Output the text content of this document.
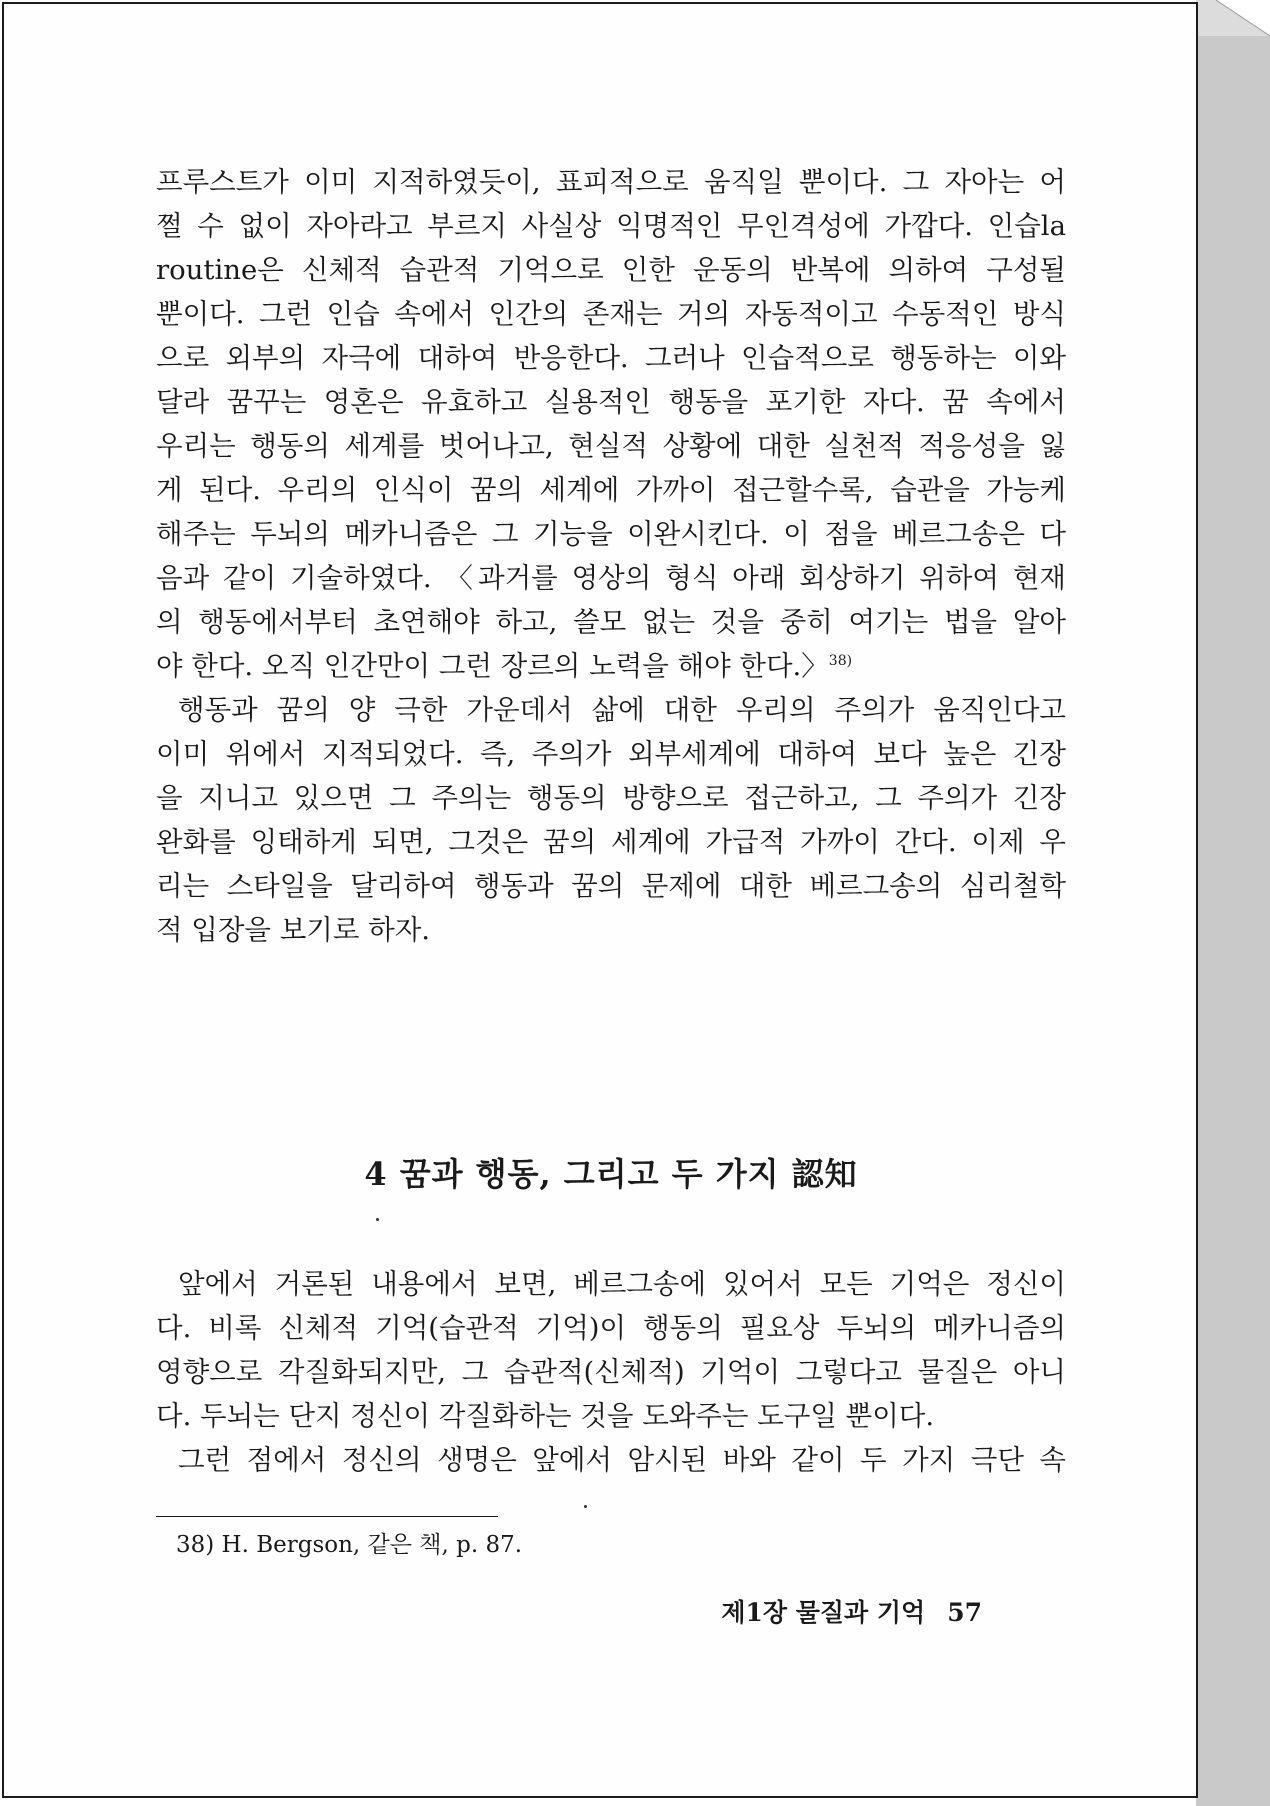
프루스트가 이미 지적하였듯이, 표피적으로 움직일 뿐이다. 그 자아는 어
쩔 수 없이 자아라고 부르지 사실상 익명적인 무인격성에 가깝다. 인습la
routine은 신체적 습관적 기억으로 인한 운동의 반복에 의하여 구성될
뿐이다. 그런 인습 속에서 인간의 존재는 거의 자동적이고 수동적인 방식
으로 외부의 자극에 대하여 반응한다. 그러나 인습적으로 행동하는 이와
달라 꿈꾸는 영혼은 유효하고 실용적인 행동을 포기한 자다. 꿈 속에서
우리는 행동의 세계를 벗어나고, 현실적 상황에 대한 실천적 적응성을 잃
게 된다. 우리의 인식이 꿈의 세계에 가까이 접근할수록, 습관을 가능케
해주는 두뇌의 메카니즘은 그 기능을 이완시킨다. 이 점을 베르그송은 다
음과 같이 기술하였다. 〈과거를 영상의 형식 아래 회상하기 위하여 현재
의 행동에서부터 초연해야 하고, 쓸모 없는 것을 중히 여기는 법을 알아
야 한다. 오직 인간만이 그런 장르의 노력을 해야 한다.〉$^{38)}$
행동과 꿈의 양 극한 가운데서 삶에 대한 우리의 주의가 움직인다고
이미 위에서 지적되었다. 즉, 주의가 외부세계에 대하여 보다 높은 긴장
을 지니고 있으면 그 주의는 행동의 방향으로 접근하고, 그 주의가 긴장
완화를 잉태하게 되면, 그것은 꿈의 세계에 가급적 가까이 간다. 이제 우
리는 스타일을 달리하여 행동과 꿈의 문제에 대한 베르그송의 심리철학
적 입장을 보기로 하자.
4 꿈과 행동, 그리고 두 가지 認知
앞에서 거론된 내용에서 보면, 베르그송에 있어서 모든 기억은 정신이
다. 비록 신체적 기억(습관적 기억)이 행동의 필요상 두뇌의 메카니즘의
영향으로 각질화되지만, 그 습관적(신체적) 기억이 그렇다고 물질은 아니
다. 두뇌는 단지 정신이 각질화하는 것을 도와주는 도구일 뿐이다.
그런 점에서 정신의 생명은 앞에서 암시된 바와 같이 두 가지 극단 속
38) H. Bergson, 같은 책, p. 87.
제1장 물질과 기억 57
